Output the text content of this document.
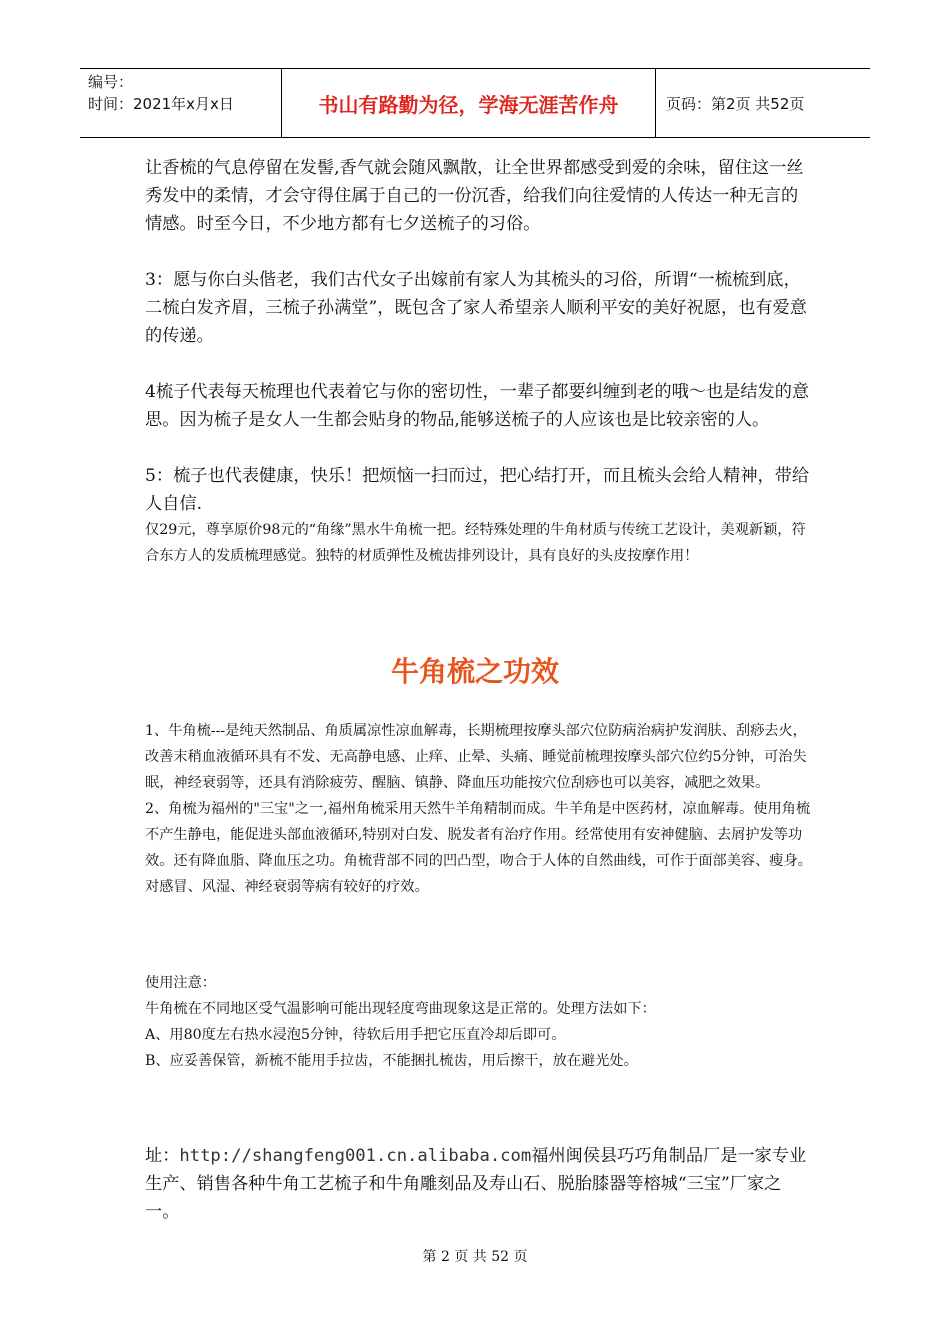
编号：
时间：2021年x月x日	书山有路勤为径，学海无涯苦作舟	页码：第2页 共52页

让香梳的气息停留在发髻,香气就会随风飘散，让全世界都感受到爱的余味，留住这一丝秀发中的柔情，才会守得住属于自己的一份沉香，给我们向往爱情的人传达一种无言的情感。时至今日，不少地方都有七夕送梳子的习俗。

3：愿与你白头偕老，我们古代女子出嫁前有家人为其梳头的习俗，所谓“一梳梳到底，二梳白发齐眉，三梳子孙满堂”，既包含了家人希望亲人顺利平安的美好祝愿，也有爱意的传递。

4梳子代表每天梳理也代表着它与你的密切性，一辈子都要纠缠到老的哦～也是结发的意思。因为梳子是女人一生都会贴身的物品,能够送梳子的人应该也是比较亲密的人。

5：梳子也代表健康，快乐！把烦恼一扫而过，把心结打开，而且梳头会给人精神，带给人自信.

仅29元，尊享原价98元的“角缘”黑水牛角梳一把。经特殊处理的牛角材质与传统工艺设计，美观新颖，符合东方人的发质梳理感觉。独特的材质弹性及梳齿排列设计，具有良好的头皮按摩作用！

牛角梳之功效

1、牛角梳---是纯天然制品、角质属凉性凉血解毒，长期梳理按摩头部穴位防病治病护发润肤、刮痧去火，改善末稍血液循环具有不发、无高静电感、止痒、止晕、头痛、睡觉前梳理按摩头部穴位约5分钟，可治失眠，神经衰弱等，还具有消除疲劳、醒脑、镇静、降血压功能按穴位刮痧也可以美容，减肥之效果。

2、角梳为福州的"三宝"之一,福州角梳采用天然牛羊角精制而成。牛羊角是中医药材，凉血解毒。使用角梳不产生静电，能促进头部血液循环,特别对白发、脱发者有治疗作用。经常使用有安神健脑、去屑护发等功效。还有降血脂、降血压之功。角梳背部不同的凹凸型，吻合于人体的自然曲线，可作于面部美容、瘦身。对感冒、风湿、神经衰弱等病有较好的疗效。

使用注意：

牛角梳在不同地区受气温影响可能出现轻度弯曲现象这是正常的。处理方法如下：

A、用80度左右热水浸泡5分钟，待软后用手把它压直冷却后即可。

B、应妥善保管，新梳不能用手拉齿，不能捆扎梳齿，用后擦干，放在避光处。

址：http://shangfeng001.cn.alibaba.com福州闽侯县巧巧角制品厂是一家专业生产、销售各种牛角工艺梳子和牛角雕刻品及寿山石、脱胎膝器等榕城“三宝”厂家之一。

第 2 页 共 52 页
